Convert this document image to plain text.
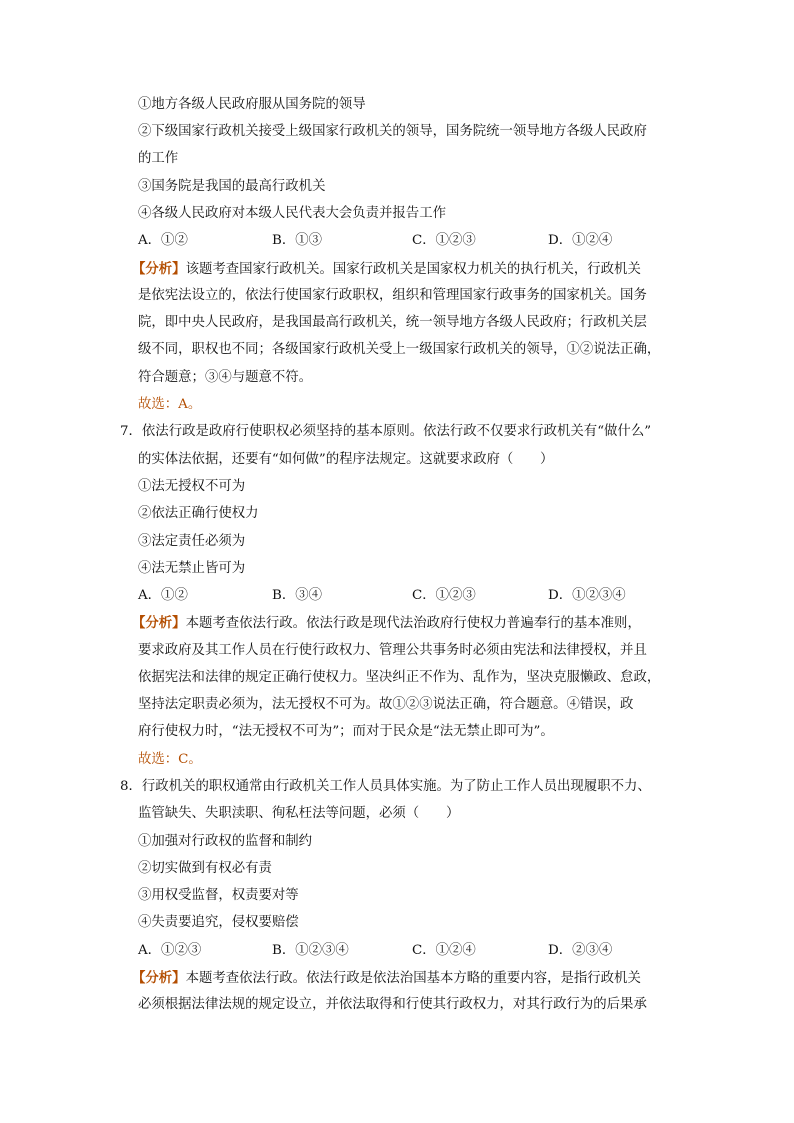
①地方各级人民政府服从国务院的领导
②下级国家行政机关接受上级国家行政机关的领导，国务院统一领导地方各级人民政府
的工作
③国务院是我国的最高行政机关
④各级人民政府对本级人民代表大会负责并报告工作
A．①②	B．①③	C．①②③	D．①②④
【分析】该题考查国家行政机关。国家行政机关是国家权力机关的执行机关，行政机关
是依宪法设立的，依法行使国家行政职权，组织和管理国家行政事务的国家机关。国务
院，即中央人民政府，是我国最高行政机关，统一领导地方各级人民政府；行政机关层
级不同，职权也不同；各级国家行政机关受上一级国家行政机关的领导，①②说法正确，
符合题意；③④与题意不符。
故选：A。
7．依法行政是政府行使职权必须坚持的基本原则。依法行政不仅要求行政机关有“做什么”
的实体法依据，还要有“如何做”的程序法规定。这就要求政府（　　）
①法无授权不可为
②依法正确行使权力
③法定责任必须为
④法无禁止皆可为
A．①②	B．③④	C．①②③	D．①②③④
【分析】本题考查依法行政。依法行政是现代法治政府行使权力普遍奉行的基本准则，
要求政府及其工作人员在行使行政权力、管理公共事务时必须由宪法和法律授权，并且
依据宪法和法律的规定正确行使权力。坚决纠正不作为、乱作为，坚决克服懒政、怠政，
坚持法定职责必须为，法无授权不可为。故①②③说法正确，符合题意。④错误，政
府行使权力时，“法无授权不可为”；而对于民众是“法无禁止即可为”。
故选：C。
8．行政机关的职权通常由行政机关工作人员具体实施。为了防止工作人员出现履职不力、
监管缺失、失职渎职、徇私枉法等问题，必须（　　）
①加强对行政权的监督和制约
②切实做到有权必有责
③用权受监督，权责要对等
④失责要追究，侵权要赔偿
A．①②③	B．①②③④	C．①②④	D．②③④
【分析】本题考查依法行政。依法行政是依法治国基本方略的重要内容，是指行政机关
必须根据法律法规的规定设立，并依法取得和行使其行政权力，对其行政行为的后果承
